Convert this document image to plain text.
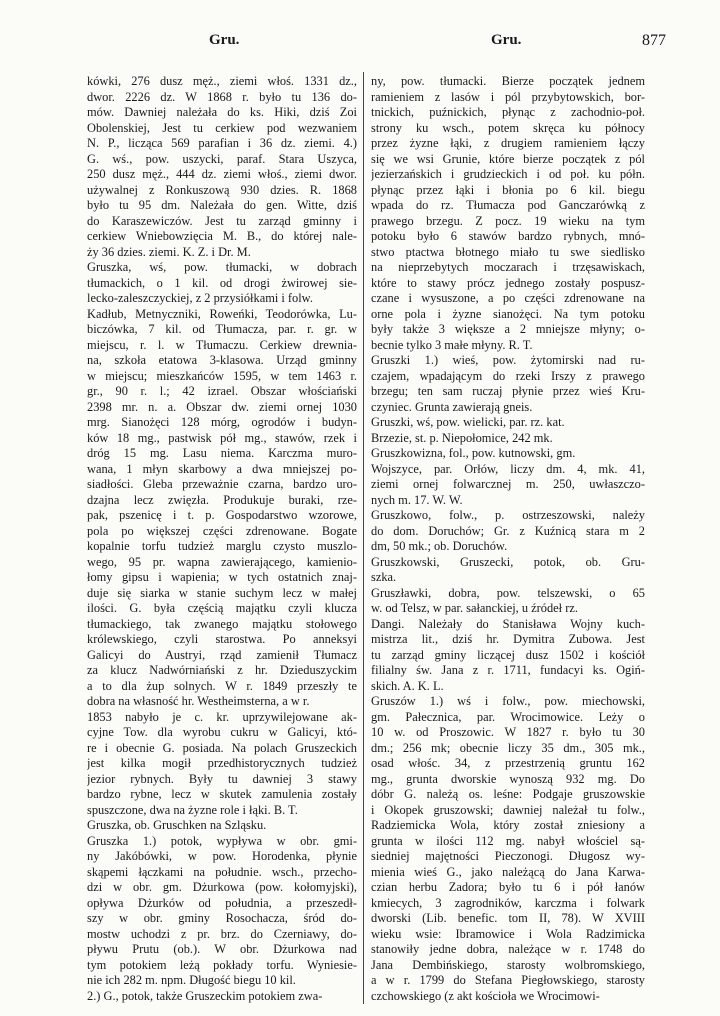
Gru.	Gru.	877
kówki, 276 dusz męż., ziemi włoś. 1331 dz.,
dwor. 2226 dz. W 1868 r. było tu 136 do-
mów. Dawniej należała do ks. Hiki, dziś Zoi
Obolenskiej, Jest tu cerkiew pod wezwaniem
N. P., licząca 569 parafian i 36 dz. ziemi. 4.)
G. wś., pow. uszycki, paraf. Stara Uszyca,
250 dusz męż., 444 dz. ziemi włoś., ziemi dwor.
używalnej z Ronkuszową 930 dzies. R. 1868
było tu 95 dm. Należała do gen. Witte, dziś
do Karaszewiczów. Jest tu zarząd gminny i
cerkiew Wniebowzięcia M. B., do której nale-
ży 36 dzies. ziemi. K. Z. i Dr. M.
Gruszka, wś, pow. tłumacki, w dobrach
tłumackich, o 1 kil. od drogi żwirowej sie-
lecko-zaleszczyckiej, z 2 przysiółkami i folw.
Kadłub, Metnyczniki, Roweńki, Teodorówka, Lu-
biczówka, 7 kil. od Tłumacza, par. r. gr. w
miejscu, r. l. w Tłumaczu. Cerkiew drewnia-
na, szkoła etatowa 3-klasowa. Urząd gminny
w miejscu; mieszkańców 1595, w tem 1463 r.
gr., 90 r. l.; 42 izrael. Obszar włościański
2398 mr. n. a. Obszar dw. ziemi ornej 1030
mrg. Sianożęci 128 mórg, ogrodów i budyn-
ków 18 mg., pastwisk pół mg., stawów, rzek i
dróg 15 mg. Lasu niema. Karczma muro-
wana, 1 młyn skarbowy a dwa mniejszej po-
siadłości. Gleba przeważnie czarna, bardzo uro-
dzajna lecz zwięzła. Produkuje buraki, rze-
pak, pszenicę i t. p. Gospodarstwo wzorowe,
pola po większej części zdrenowane. Bogate
kopalnie torfu tudzież marglu czysto muszlo-
wego, 95 pr. wapna zawierającego, kamienio-
łomy gipsu i wapienia; w tych ostatnich znaj-
duje się siarka w stanie suchym lecz w małej
ilości. G. była częścią majątku czyli klucza
tłumackiego, tak zwanego majątku stołowego
królewskiego, czyli starostwa. Po anneksyi
Galicyi do Austryi, rząd zamienił Tłumacz
za klucz Nadwórniański z hr. Dzieduszyckim
a to dla żup solnych. W r. 1849 przeszły te
dobra na własność hr. Westheimsterna, a w r.
1853 nabyło je c. kr. uprzywilejowane ak-
cyjne Tow. dla wyrobu cukru w Galicyi, któ-
re i obecnie G. posiada. Na polach Gruszeckich
jest kilka mogił przedhistorycznych tudzież
jezior rybnych. Były tu dawniej 3 stawy
bardzo rybne, lecz w skutek zamulenia zostały
spuszczone, dwa na żyzne role i łąki. B. T.
Gruszka, ob. Gruschken na Szląsku.
Gruszka 1.) potok, wypływa w obr. gmi-
ny Jakóbówki, w pow. Horodenka, płynie
skąpemi łączkami na południe. wsch., przecho-
dzi w obr. gm. Dżurkowa (pow. kołomyjski),
opływa Dżurków od południa, a przeszedł-
szy w obr. gminy Rosochacza, śród do-
mostw uchodzi z pr. brz. do Czerniawy, do-
pływu Prutu (ob.). W obr. Dżurkowa nad
tym potokiem leżą pokłady torfu. Wyniesie-
nie ich 282 m. npm. Długość biegu 10 kil.
2.) G., potok, także Gruszeckim potokiem zwa-
ny, pow. tłumacki. Bierze początek jednem
ramieniem z lasów i pól przybytowskich, bor-
tnickich, puźnickich, płynąc z zachodnio-poł.
strony ku wsch., potem skręca ku północy
przez żyzne łąki, z drugiem ramieniem łączy
się we wsi Grunie, które bierze początek z pól
jezierzańskich i grudzieckich i od poł. ku półn.
płynąc przez łąki i błonia po 6 kil. biegu
wpada do rz. Tłumacza pod Ganczarówką z
prawego brzegu. Z pocz. 19 wieku na tym
potoku było 6 stawów bardzo rybnych, mnó-
stwo ptactwa błotnego miało tu swe siedlisko
na nieprzebytych moczarach i trzęsawiskach,
które to stawy prócz jednego zostały pospusz-
czane i wysuszone, a po części zdrenowane na
orne pola i żyzne sianożęci. Na tym potoku
były także 3 większe a 2 mniejsze młyny; o-
becnie tylko 3 małe młyny. R. T.
Gruszki 1.) wieś, pow. żytomirski nad ru-
czajem, wpadającym do rzeki Irszy z prawego
brzegu; ten sam ruczaj płynie przez wieś Kru-
czyniec. Grunta zawierają gneis.
Gruszki, wś, pow. wielicki, par. rz. kat.
Brzezie, st. p. Niepołomice, 242 mk.
Gruszkowizna, fol., pow. kutnowski, gm.
Wojszyce, par. Orłów, liczy dm. 4, mk. 41,
ziemi ornej folwarcznej m. 250, uwłaszczo-
nych m. 17. W. W.
Gruszkowo, folw., p. ostrzeszowski, należy
do dom. Doruchów; Gr. z Kuźnicą stara m 2
dm, 50 mk.; ob. Doruchów.
Gruszkowski, Gruszecki, potok, ob. Gru-
szka.
Gruszławki, dobra, pow. telszewski, o 65
w. od Telsz, w par. sałanckiej, u źródeł rz.
Dangi. Należały do Stanisława Wojny kuch-
mistrza lit., dziś hr. Dymitra Zubowa. Jest
tu zarząd gminy liczącej dusz 1502 i kościół
filialny św. Jana z r. 1711, fundacyi ks. Ogiń-
skich. A. K. L.
Gruszów 1.) wś i folw., pow. miechowski,
gm. Pałecznica, par. Wrocimowice. Leży o
10 w. od Proszowic. W 1827 r. było tu 30
dm.; 256 mk; obecnie liczy 35 dm., 305 mk.,
osad włośc. 34, z przestrzenią gruntu 162
mg., grunta dworskie wynoszą 932 mg. Do
dóbr G. należą os. leśne: Podgaje gruszowskie
i Okopek gruszowski; dawniej należał tu folw.,
Radziemicka Wola, który został zniesiony a
grunta w ilości 112 mg. nabył włościel są-
siedniej majętności Pieczonogi. Długosz wy-
mienia wieś G., jako należącą do Jana Karwa-
czian herbu Zadora; było tu 6 i pół łanów
kmiecych, 3 zagrodników, karczma i folwark
dworski (Lib. benefic. tom II, 78). W XVIII
wieku wsie: Ibramowice i Wola Radzimicka
stanowiły jedne dobra, należące w r. 1748 do
Jana Dembińskiego, starosty wolbromskiego,
a w r. 1799 do Stefana Piegłowskiego, starosty
czchowskiego (z akt kościoła we Wrocimowi-
